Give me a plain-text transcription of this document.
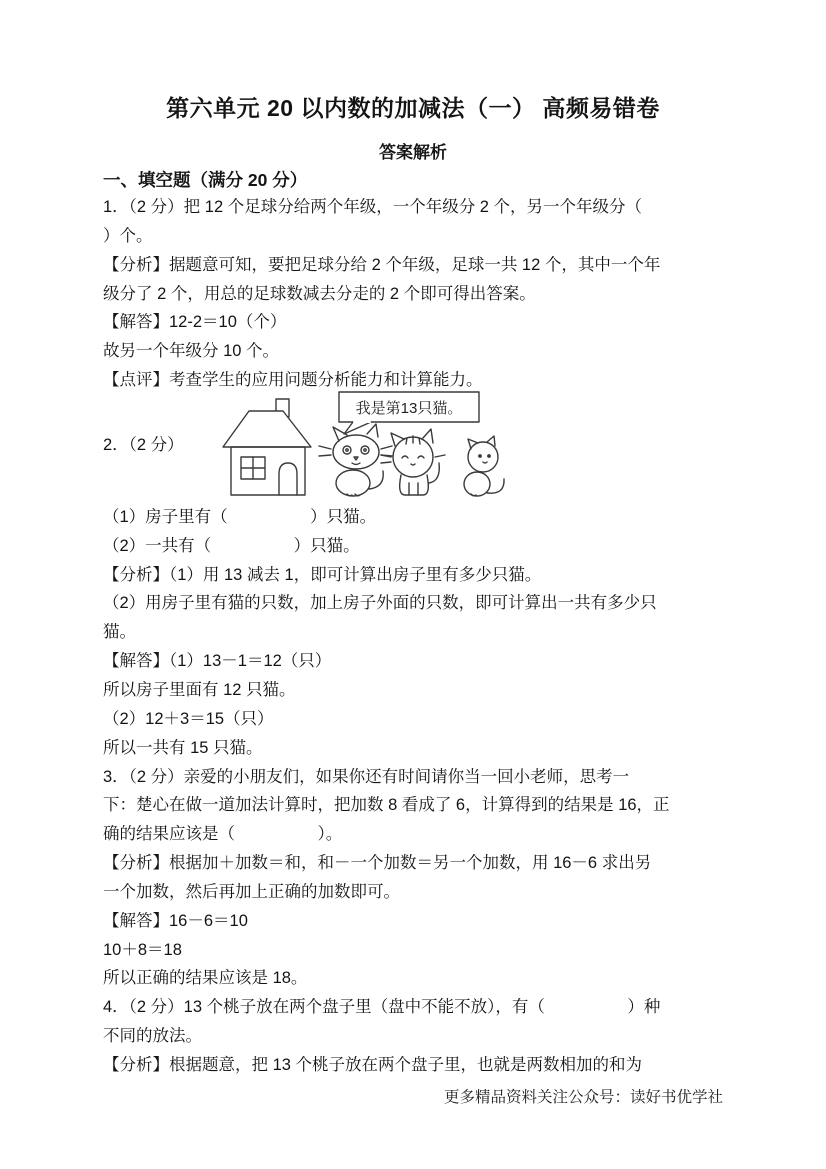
第六单元 20 以内数的加减法（一） 高频易错卷
答案解析
一、填空题（满分 20 分）
1．（2 分）把 12 个足球分给两个年级，一个年级分 2 个，另一个年级分（
）个。
【分析】据题意可知，要把足球分给 2 个年级，足球一共 12 个，其中一个年
级分了 2 个，用总的足球数减去分走的 2 个即可得出答案。
【解答】12-2＝10（个）
故另一个年级分 10 个。
【点评】考查学生的应用问题分析能力和计算能力。
2．（2 分）
我是第13只猫。
（1）房子里有（　　　　　）只猫。
（2）一共有（　　　　　）只猫。
【分析】（1）用 13 减去 1，即可计算出房子里有多少只猫。
（2）用房子里有猫的只数，加上房子外面的只数，即可计算出一共有多少只
猫。
【解答】（1）13－1＝12（只）
所以房子里面有 12 只猫。
（2）12＋3＝15（只）
所以一共有 15 只猫。
3．（2 分）亲爱的小朋友们，如果你还有时间请你当一回小老师，思考一
下：楚心在做一道加法计算时，把加数 8 看成了 6，计算得到的结果是 16，正
确的结果应该是（　　　　　）。
【分析】根据加＋加数＝和，和－一个加数＝另一个加数，用 16－6 求出另
一个加数，然后再加上正确的加数即可。
【解答】16－6＝10
10＋8＝18
所以正确的结果应该是 18。
4．（2 分）13 个桃子放在两个盘子里（盘中不能不放），有（　　　　　）种
不同的放法。
【分析】根据题意，把 13 个桃子放在两个盘子里，也就是两数相加的和为
更多精品资料关注公众号：读好书优学社
